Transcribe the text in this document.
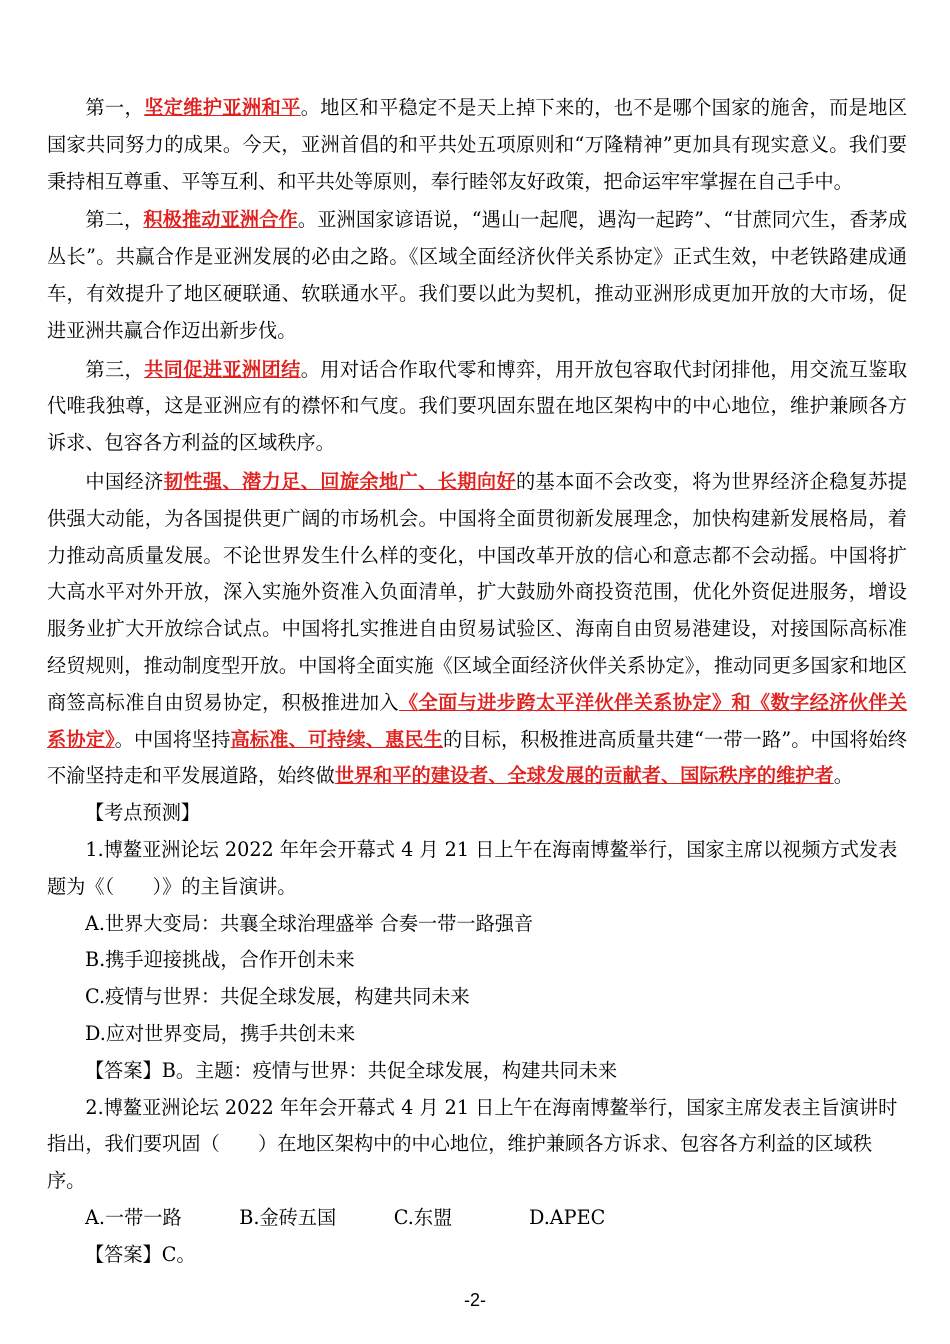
第一，坚定维护亚洲和平。地区和平稳定不是天上掉下来的，也不是哪个国家的施舍，而是地区国家共同努力的成果。今天，亚洲首倡的和平共处五项原则和“万隆精神”更加具有现实意义。我们要秉持相互尊重、平等互利、和平共处等原则，奉行睦邻友好政策，把命运牢牢掌握在自己手中。

第二，积极推动亚洲合作。亚洲国家谚语说，“遇山一起爬，遇沟一起跨”、“甘蔗同穴生，香茅成丛长”。共赢合作是亚洲发展的必由之路。《区域全面经济伙伴关系协定》正式生效，中老铁路建成通车，有效提升了地区硬联通、软联通水平。我们要以此为契机，推动亚洲形成更加开放的大市场，促进亚洲共赢合作迈出新步伐。

第三，共同促进亚洲团结。用对话合作取代零和博弈，用开放包容取代封闭排他，用交流互鉴取代唯我独尊，这是亚洲应有的襟怀和气度。我们要巩固东盟在地区架构中的中心地位，维护兼顾各方诉求、包容各方利益的区域秩序。

中国经济韧性强、潜力足、回旋余地广、长期向好的基本面不会改变，将为世界经济企稳复苏提供强大动能，为各国提供更广阔的市场机会。中国将全面贯彻新发展理念，加快构建新发展格局，着力推动高质量发展。不论世界发生什么样的变化，中国改革开放的信心和意志都不会动摇。中国将扩大高水平对外开放，深入实施外资准入负面清单，扩大鼓励外商投资范围，优化外资促进服务，增设服务业扩大开放综合试点。中国将扎实推进自由贸易试验区、海南自由贸易港建设，对接国际高标准经贸规则，推动制度型开放。中国将全面实施《区域全面经济伙伴关系协定》，推动同更多国家和地区商签高标准自由贸易协定，积极推进加入《全面与进步跨太平洋伙伴关系协定》和《数字经济伙伴关系协定》。中国将坚持高标准、可持续、惠民生的目标，积极推进高质量共建“一带一路”。中国将始终不渝坚持走和平发展道路，始终做世界和平的建设者、全球发展的贡献者、国际秩序的维护者。

【考点预测】

1.博鳌亚洲论坛 2022 年年会开幕式 4 月 21 日上午在海南博鳌举行，国家主席以视频方式发表题为《（　　）》的主旨演讲。

A.世界大变局：共襄全球治理盛举 合奏一带一路强音

B.携手迎接挑战，合作开创未来

C.疫情与世界：共促全球发展，构建共同未来

D.应对世界变局，携手共创未来

【答案】B。主题：疫情与世界：共促全球发展，构建共同未来

2.博鳌亚洲论坛 2022 年年会开幕式 4 月 21 日上午在海南博鳌举行，国家主席发表主旨演讲时指出，我们要巩固（　　）在地区架构中的中心地位，维护兼顾各方诉求、包容各方利益的区域秩序。

A.一带一路　　　B.金砖五国　　　C.东盟　　　　D.APEC

【答案】C。

-2-
